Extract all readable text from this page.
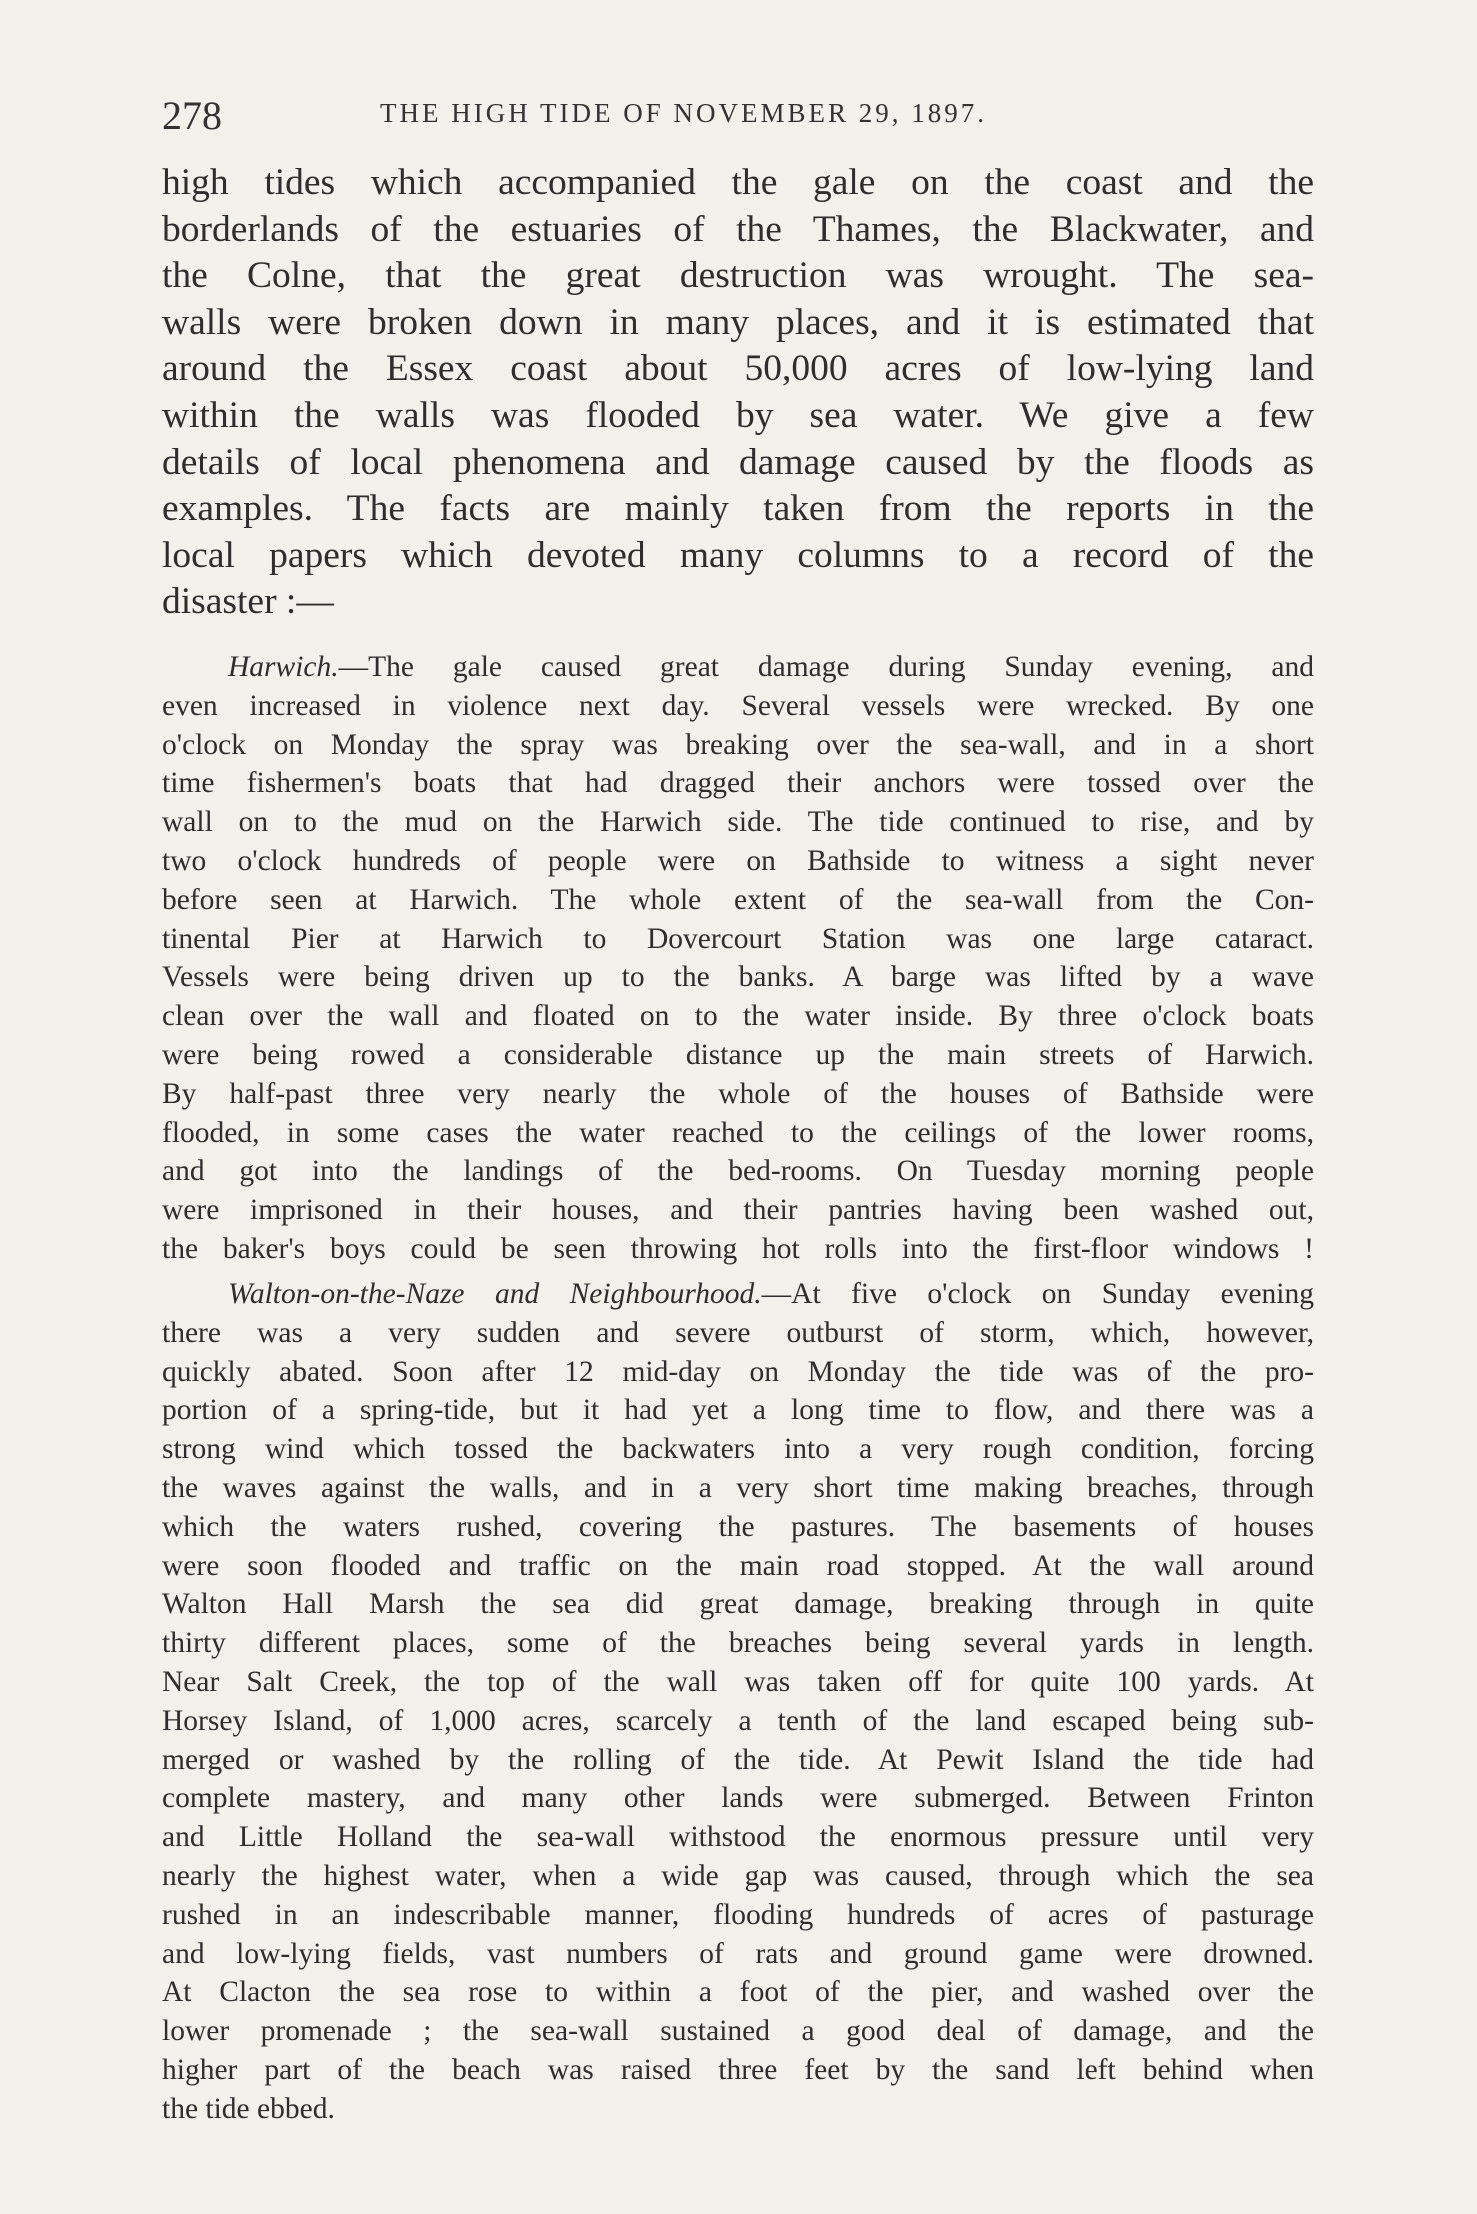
278	THE HIGH TIDE OF NOVEMBER 29, 1897.
high tides which accompanied the gale on the coast and the
borderlands of the estuaries of the Thames, the Blackwater, and
the Colne, that the great destruction was wrought. The sea-
walls were broken down in many places, and it is estimated that
around the Essex coast about 50,000 acres of low-lying land
within the walls was flooded by sea water. We give a few
details of local phenomena and damage caused by the floods as
examples. The facts are mainly taken from the reports in the
local papers which devoted many columns to a record of the
disaster :—
Harwich.—The gale caused great damage during Sunday evening, and
even increased in violence next day. Several vessels were wrecked. By one
o'clock on Monday the spray was breaking over the sea-wall, and in a short
time fishermen's boats that had dragged their anchors were tossed over the
wall on to the mud on the Harwich side. The tide continued to rise, and by
two o'clock hundreds of people were on Bathside to witness a sight never
before seen at Harwich. The whole extent of the sea-wall from the Con-
tinental Pier at Harwich to Dovercourt Station was one large cataract.
Vessels were being driven up to the banks. A barge was lifted by a wave
clean over the wall and floated on to the water inside. By three o'clock boats
were being rowed a considerable distance up the main streets of Harwich.
By half-past three very nearly the whole of the houses of Bathside were
flooded, in some cases the water reached to the ceilings of the lower rooms,
and got into the landings of the bed-rooms. On Tuesday morning people
were imprisoned in their houses, and their pantries having been washed out,
the baker's boys could be seen throwing hot rolls into the first-floor windows !
Walton-on-the-Naze and Neighbourhood.—At five o'clock on Sunday evening
there was a very sudden and severe outburst of storm, which, however,
quickly abated. Soon after 12 mid-day on Monday the tide was of the pro-
portion of a spring-tide, but it had yet a long time to flow, and there was a
strong wind which tossed the backwaters into a very rough condition, forcing
the waves against the walls, and in a very short time making breaches, through
which the waters rushed, covering the pastures. The basements of houses
were soon flooded and traffic on the main road stopped. At the wall around
Walton Hall Marsh the sea did great damage, breaking through in quite
thirty different places, some of the breaches being several yards in length.
Near Salt Creek, the top of the wall was taken off for quite 100 yards. At
Horsey Island, of 1,000 acres, scarcely a tenth of the land escaped being sub-
merged or washed by the rolling of the tide. At Pewit Island the tide had
complete mastery, and many other lands were submerged. Between Frinton
and Little Holland the sea-wall withstood the enormous pressure until very
nearly the highest water, when a wide gap was caused, through which the sea
rushed in an indescribable manner, flooding hundreds of acres of pasturage
and low-lying fields, vast numbers of rats and ground game were drowned.
At Clacton the sea rose to within a foot of the pier, and washed over the
lower promenade ; the sea-wall sustained a good deal of damage, and the
higher part of the beach was raised three feet by the sand left behind when
the tide ebbed.
